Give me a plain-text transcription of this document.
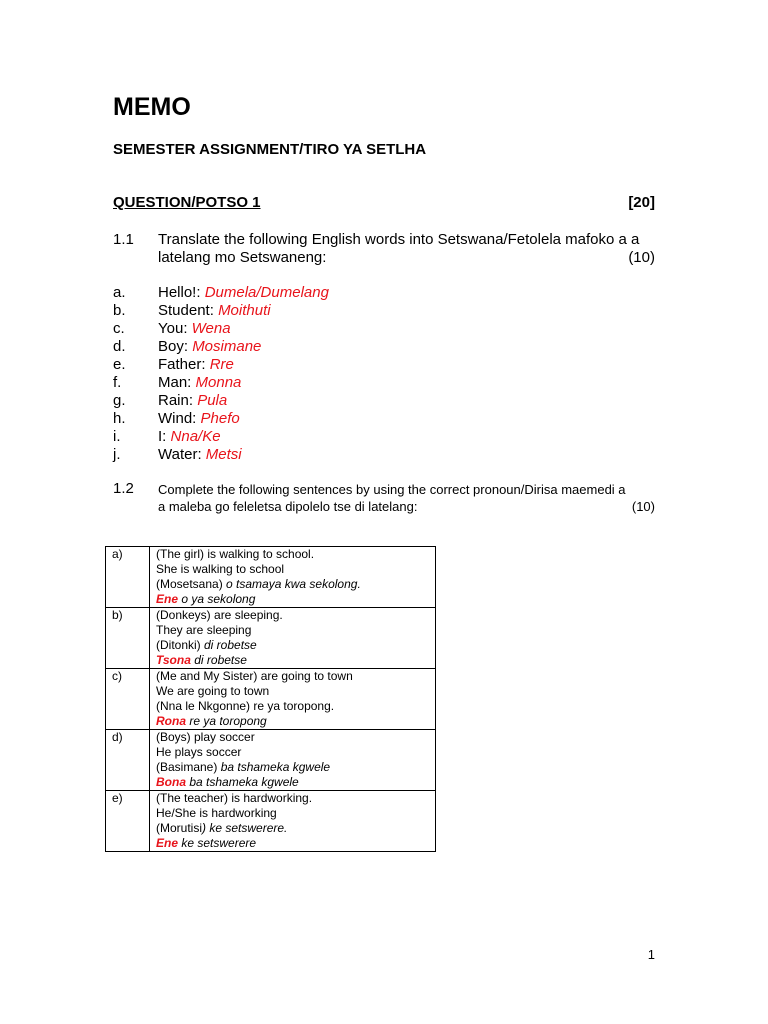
MEMO
SEMESTER ASSIGNMENT/TIRO YA SETLHA
QUESTION/POTSO 1	[20]
1.1 Translate the following English words into Setswana/Fetolela mafoko a a
latelang mo Setswaneng:	(10)
a. Hello!: Dumela/Dumelang
b. Student: Moithuti
c. You: Wena
d. Boy: Mosimane
e. Father: Rre
f. Man: Monna
g. Rain: Pula
h. Wind: Phefo
i.	I: Nna/Ke
j.	Water: Metsi
1.2 Complete the following sentences by using the correct pronoun/Dirisa maemedi a
a maleba go feleletsa dipolelo tse di latelang:	(10)
a)	(The girl) is walking to school.
She is walking to school
(Mosetsana) o tsamaya kwa sekolong.
Ene o ya sekolong

b)	(Donkeys) are sleeping.
They are sleeping
(Ditonki) di robetse
Tsona di robetse

c)	(Me and My Sister) are going to town
We are going to town
(Nna le Nkgonne) re ya toropong.
Rona re ya toropong

d)	(Boys) play soccer
He plays soccer
(Basimane) ba tshameka kgwele
Bona ba tshameka kgwele

e)	(The teacher) is hardworking.
He/She is hardworking
(Morutisi) ke setswerere.
Ene ke setswerere
1
